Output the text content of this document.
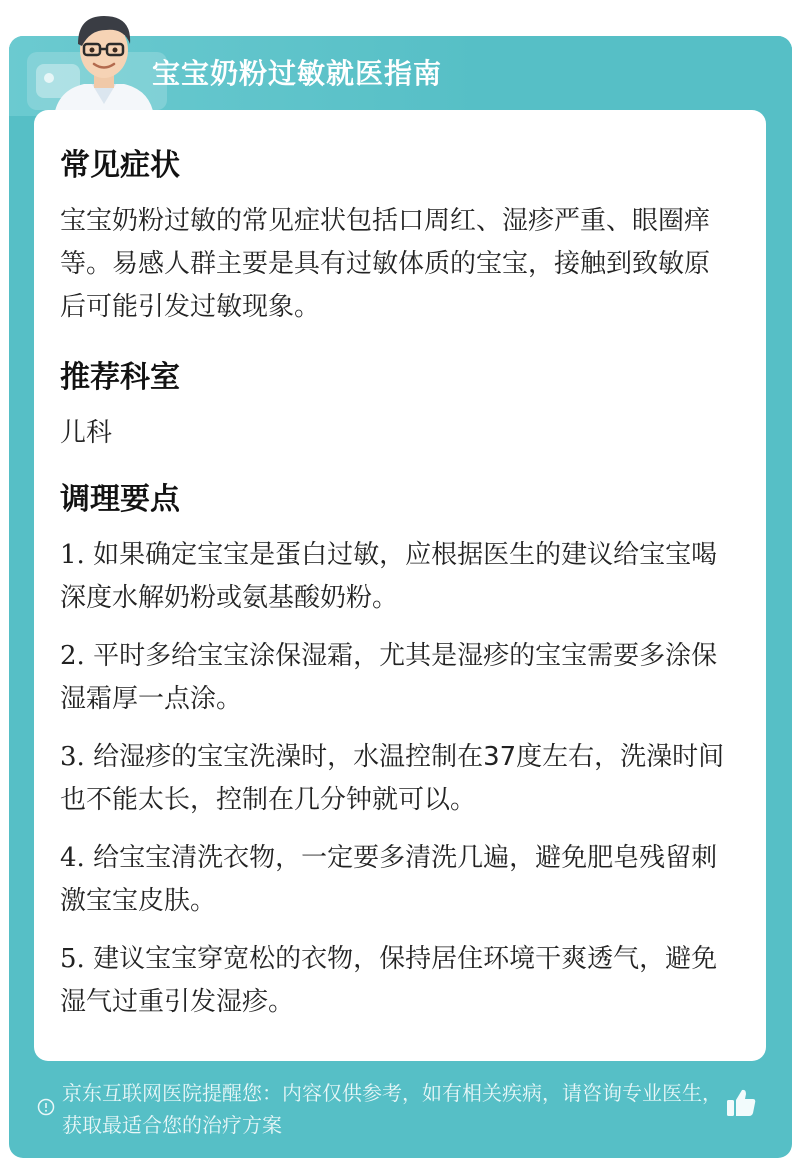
宝宝奶粉过敏就医指南
常见症状
宝宝奶粉过敏的常见症状包括口周红、湿疹严重、眼圈痒等。易感人群主要是具有过敏体质的宝宝，接触到致敏原后可能引发过敏现象。
推荐科室
儿科
调理要点
1. 如果确定宝宝是蛋白过敏，应根据医生的建议给宝宝喝深度水解奶粉或氨基酸奶粉。
2. 平时多给宝宝涂保湿霜，尤其是湿疹的宝宝需要多涂保湿霜厚一点涂。
3. 给湿疹的宝宝洗澡时，水温控制在37度左右，洗澡时间也不能太长，控制在几分钟就可以。
4. 给宝宝清洗衣物，一定要多清洗几遍，避免肥皂残留刺激宝宝皮肤。
5. 建议宝宝穿宽松的衣物，保持居住环境干爽透气，避免湿气过重引发湿疹。
京东互联网医院提醒您：内容仅供参考，如有相关疾病，请咨询专业医生，获取最适合您的治疗方案
